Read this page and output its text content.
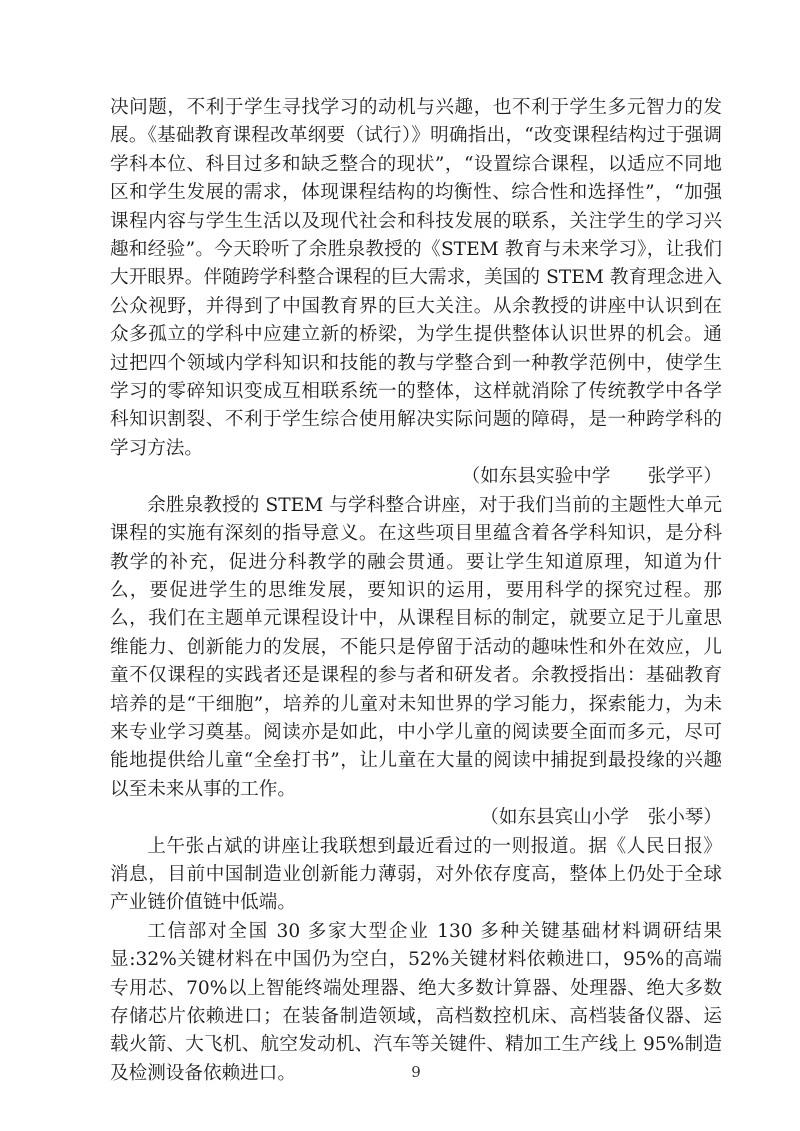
决问题，不利于学生寻找学习的动机与兴趣，也不利于学生多元智力的发展。《基础教育课程改革纲要（试行）》明确指出，“改变课程结构过于强调学科本位、科目过多和缺乏整合的现状”，“设置综合课程，以适应不同地区和学生发展的需求，体现课程结构的均衡性、综合性和选择性”，“加强课程内容与学生生活以及现代社会和科技发展的联系，关注学生的学习兴趣和经验”。今天聆听了余胜泉教授的《STEM 教育与未来学习》，让我们大开眼界。伴随跨学科整合课程的巨大需求，美国的 STEM 教育理念进入公众视野，并得到了中国教育界的巨大关注。从余教授的讲座中认识到在众多孤立的学科中应建立新的桥梁，为学生提供整体认识世界的机会。通过把四个领域内学科知识和技能的教与学整合到一种教学范例中，使学生学习的零碎知识变成互相联系统一的整体，这样就消除了传统教学中各学科知识割裂、不利于学生综合使用解决实际问题的障碍，是一种跨学科的学习方法。

（如东县实验中学　　张学平）

余胜泉教授的 STEM 与学科整合讲座，对于我们当前的主题性大单元课程的实施有深刻的指导意义。在这些项目里蕴含着各学科知识，是分科教学的补充，促进分科教学的融会贯通。要让学生知道原理，知道为什么，要促进学生的思维发展，要知识的运用，要用科学的探究过程。那么，我们在主题单元课程设计中，从课程目标的制定，就要立足于儿童思维能力、创新能力的发展，不能只是停留于活动的趣味性和外在效应，儿童不仅课程的实践者还是课程的参与者和研发者。余教授指出：基础教育培养的是“干细胞”，培养的儿童对未知世界的学习能力，探索能力，为未来专业学习奠基。阅读亦是如此，中小学儿童的阅读要全面而多元，尽可能地提供给儿童“全垒打书”，让儿童在大量的阅读中捕捉到最投缘的兴趣以至未来从事的工作。

（如东县宾山小学　张小琴）

上午张占斌的讲座让我联想到最近看过的一则报道。据《人民日报》消息，目前中国制造业创新能力薄弱，对外依存度高，整体上仍处于全球产业链价值链中低端。

工信部对全国 30 多家大型企业 130 多种关键基础材料调研结果显:32%关键材料在中国仍为空白，52%关键材料依赖进口，95%的高端专用芯、70%以上智能终端处理器、绝大多数计算器、处理器、绝大多数存储芯片依赖进口；在装备制造领域，高档数控机床、高档装备仪器、运载火箭、大飞机、航空发动机、汽车等关键件、精加工生产线上 95%制造及检测设备依赖进口。	9
